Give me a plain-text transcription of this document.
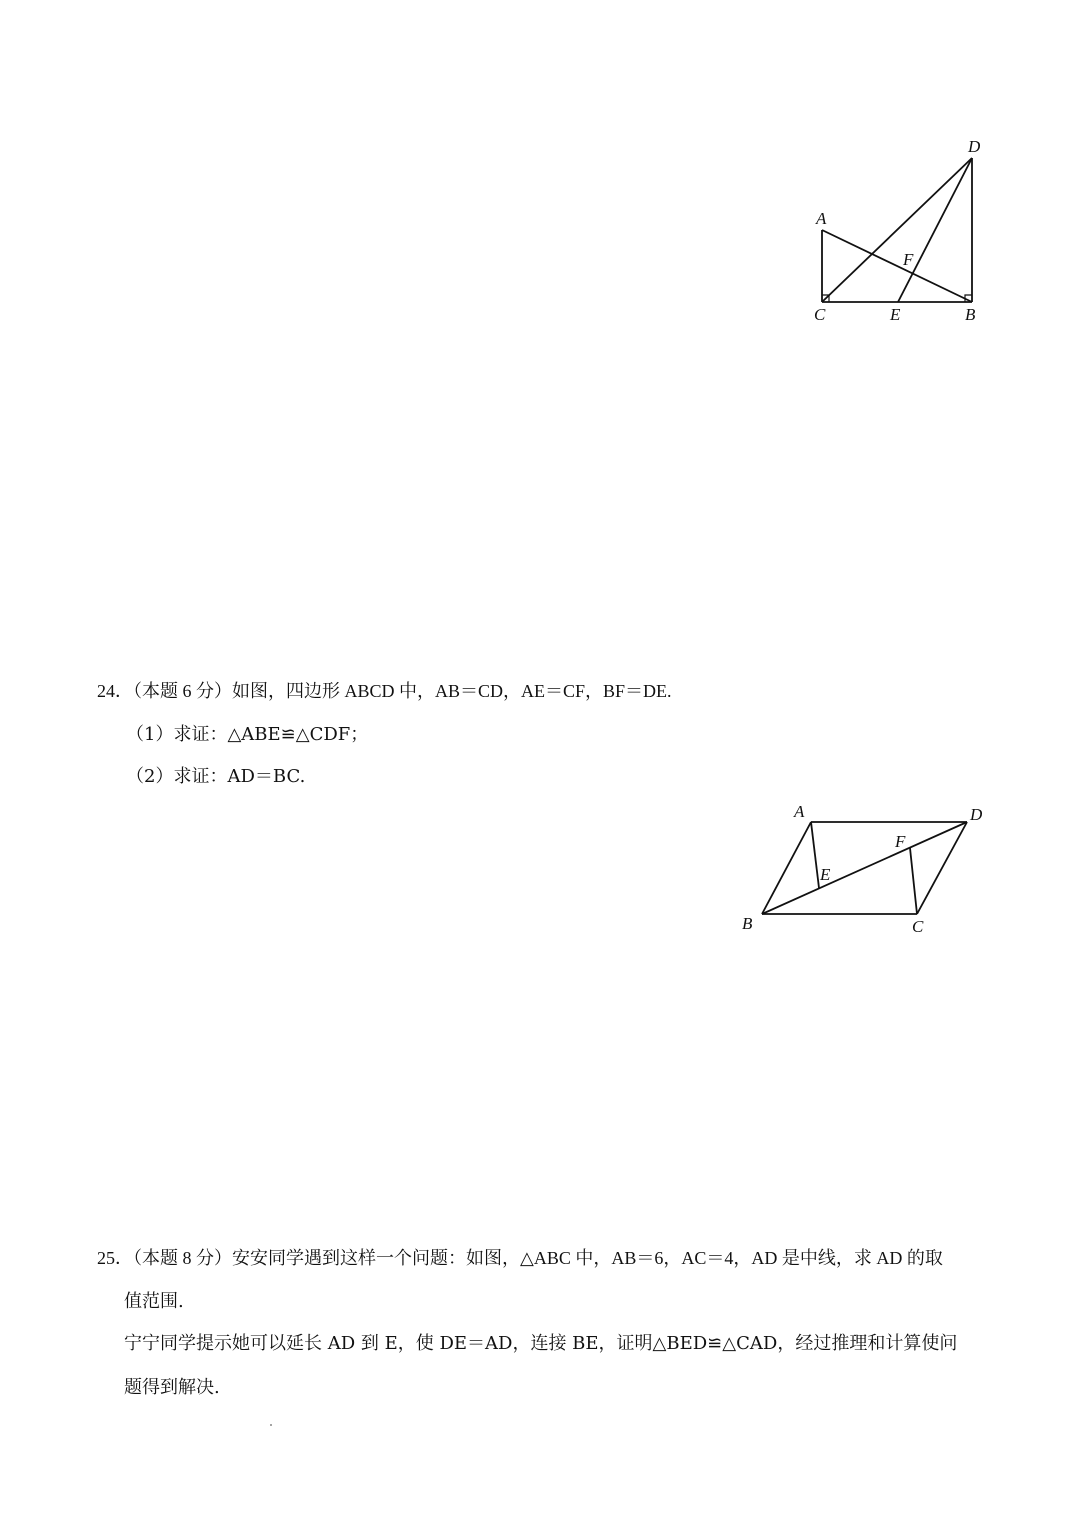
A
C	E	B
D
F
24．（本题 6 分）如图，四边形 ABCD 中，AB＝CD，AE＝CF，BF＝DE.
（1）求证：△ABE≌△CDF；
（2）求证：AD＝BC.
A	D
F
E
B	C
25．（本题 8 分）安安同学遇到这样一个问题：如图，△ABC 中，AB＝6，AC＝4，AD 是中线，求 AD 的取
值范围.
宁宁同学提示她可以延长 AD 到 E，使 DE＝AD，连接 BE，证明△BED≌△CAD，经过推理和计算使问
题得到解决.
